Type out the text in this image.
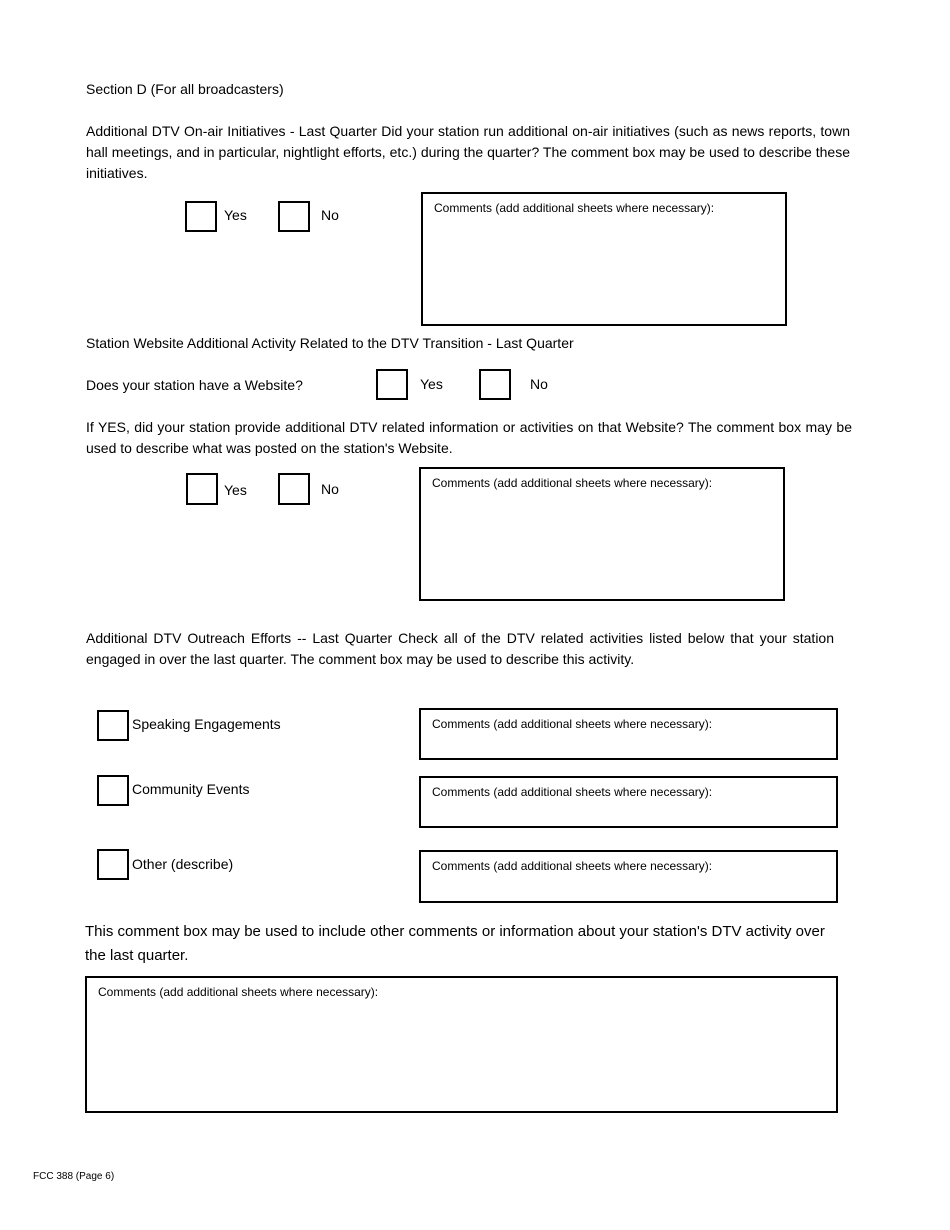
Section D (For all broadcasters)
Additional DTV On-air Initiatives - Last Quarter Did your station run additional on-air initiatives (such as news reports, town hall meetings, and in particular, nightlight efforts, etc.) during the quarter? The comment box may be used to describe these initiatives.
Yes	No	Comments (add additional sheets where necessary):
Station Website Additional Activity Related to the DTV Transition - Last Quarter
Does your station have a Website?	Yes	No
If YES, did your station provide additional DTV related information or activities on that Website? The comment box may be used to describe what was posted on the station's Website.
Yes	No	Comments (add additional sheets where necessary):
Additional DTV Outreach Efforts -- Last Quarter Check all of the DTV related activities listed below that your station engaged in over the last quarter. The comment box may be used to describe this activity.
Speaking Engagements	Comments (add additional sheets where necessary):
Community Events	Comments (add additional sheets where necessary):
Other (describe)	Comments (add additional sheets where necessary):
This comment box may be used to include other comments or information about your station's DTV activity over the last quarter.
Comments (add additional sheets where necessary):
FCC 388 (Page 6)
